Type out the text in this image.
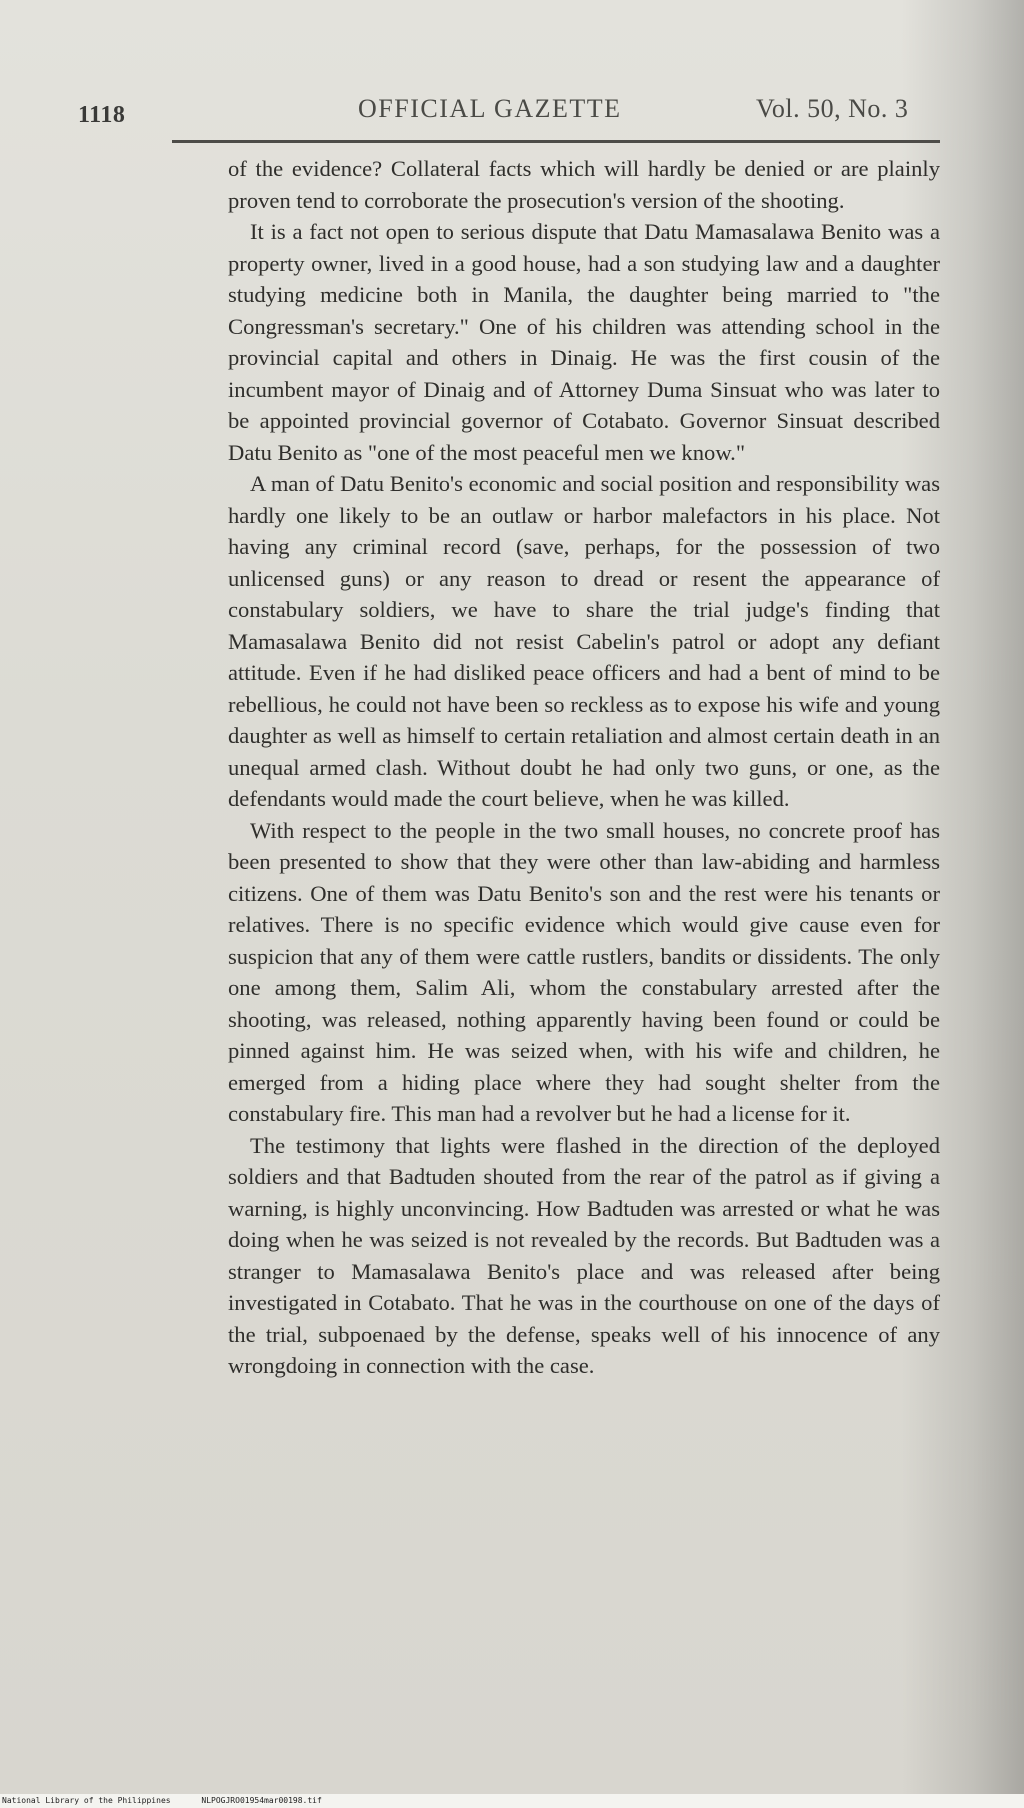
1118	OFFICIAL GAZETTE	Vol. 50, No. 3

of the evidence? Collateral facts which will hardly be denied or are plainly proven tend to corroborate the prosecution's version of the shooting.

It is a fact not open to serious dispute that Datu Mamasalawa Benito was a property owner, lived in a good house, had a son studying law and a daughter studying medicine both in Manila, the daughter being married to "the Congressman's secretary." One of his children was attending school in the provincial capital and others in Dinaig. He was the first cousin of the incumbent mayor of Dinaig and of Attorney Duma Sinsuat who was later to be appointed provincial governor of Cotabato. Governor Sinsuat described Datu Benito as "one of the most peaceful men we know."

A man of Datu Benito's economic and social position and responsibility was hardly one likely to be an outlaw or harbor malefactors in his place. Not having any criminal record (save, perhaps, for the possession of two unlicensed guns) or any reason to dread or resent the appearance of constabulary soldiers, we have to share the trial judge's finding that Mamasalawa Benito did not resist Cabelin's patrol or adopt any defiant attitude. Even if he had disliked peace officers and had a bent of mind to be rebellious, he could not have been so reckless as to expose his wife and young daughter as well as himself to certain retaliation and almost certain death in an unequal armed clash. Without doubt he had only two guns, or one, as the defendants would made the court believe, when he was killed.

With respect to the people in the two small houses, no concrete proof has been presented to show that they were other than law-abiding and harmless citizens. One of them was Datu Benito's son and the rest were his tenants or relatives. There is no specific evidence which would give cause even for suspicion that any of them were cattle rustlers, bandits or dissidents. The only one among them, Salim Ali, whom the constabulary arrested after the shooting, was released, nothing apparently having been found or could be pinned against him. He was seized when, with his wife and children, he emerged from a hiding place where they had sought shelter from the constabulary fire. This man had a revolver but he had a license for it.

The testimony that lights were flashed in the direction of the deployed soldiers and that Badtuden shouted from the rear of the patrol as if giving a warning, is highly unconvincing. How Badtuden was arrested or what he was doing when he was seized is not revealed by the records. But Badtuden was a stranger to Mamasalawa Benito's place and was released after being investigated in Cotabato. That he was in the courthouse on one of the days of the trial, subpoenaed by the defense, speaks well of his innocence of any wrongdoing in connection with the case.

National Library of the Philippines	NLPOGJRO01954mar00198.tif
